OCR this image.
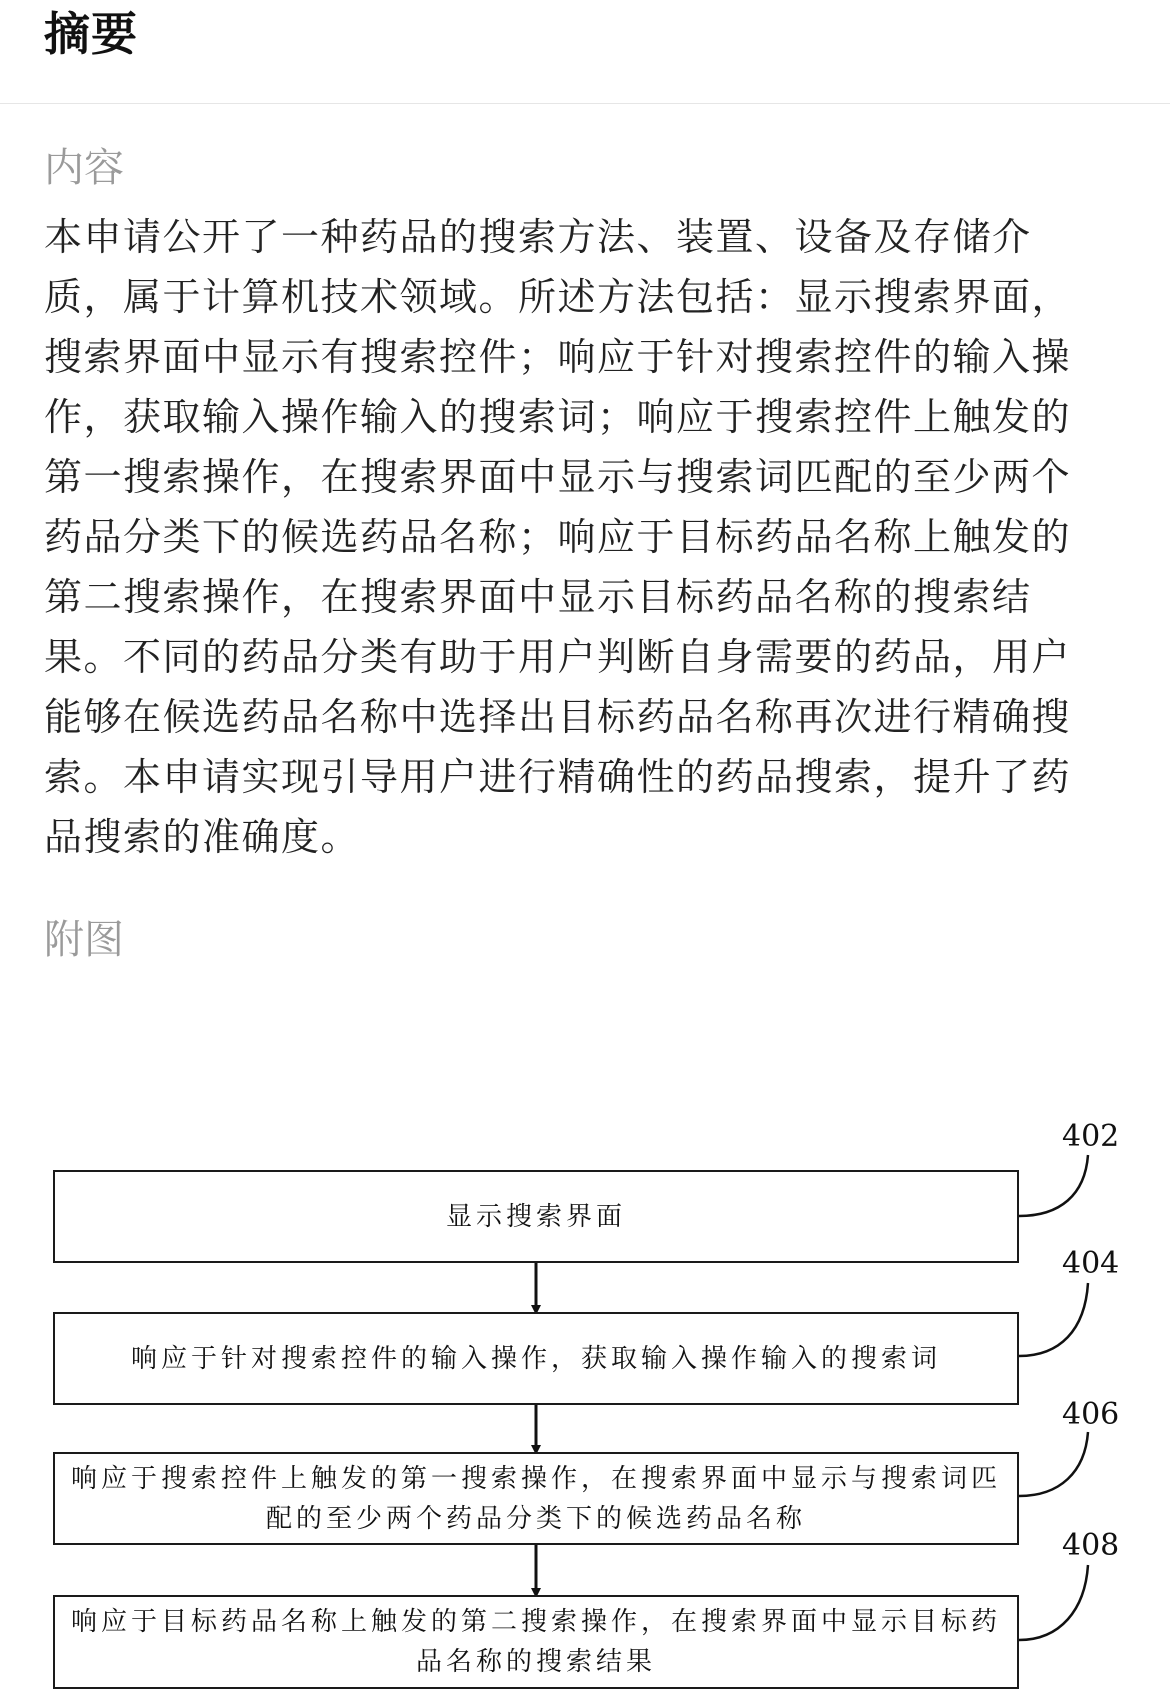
摘要
内容

本申请公开了一种药品的搜索方法、装置、设备及存储介质，属于计算机技术领域。所述方法包括：显示搜索界面，搜索界面中显示有搜索控件；响应于针对搜索控件的输入操作，获取输入操作输入的搜索词；响应于搜索控件上触发的第一搜索操作，在搜索界面中显示与搜索词匹配的至少两个药品分类下的候选药品名称；响应于目标药品名称上触发的第二搜索操作，在搜索界面中显示目标药品名称的搜索结果。不同的药品分类有助于用户判断自身需要的药品，用户能够在候选药品名称中选择出目标药品名称再次进行精确搜索。本申请实现引导用户进行精确性的药品搜索，提升了药品搜索的准确度。

附图
402
404
406
408
显示搜索界面
响应于针对搜索控件的输入操作，获取输入操作输入的搜索词
响应于搜索控件上触发的第一搜索操作，在搜索界面中显示与搜索词匹配的至少两个药品分类下的候选药品名称
响应于目标药品名称上触发的第二搜索操作，在搜索界面中显示目标药品名称的搜索结果
